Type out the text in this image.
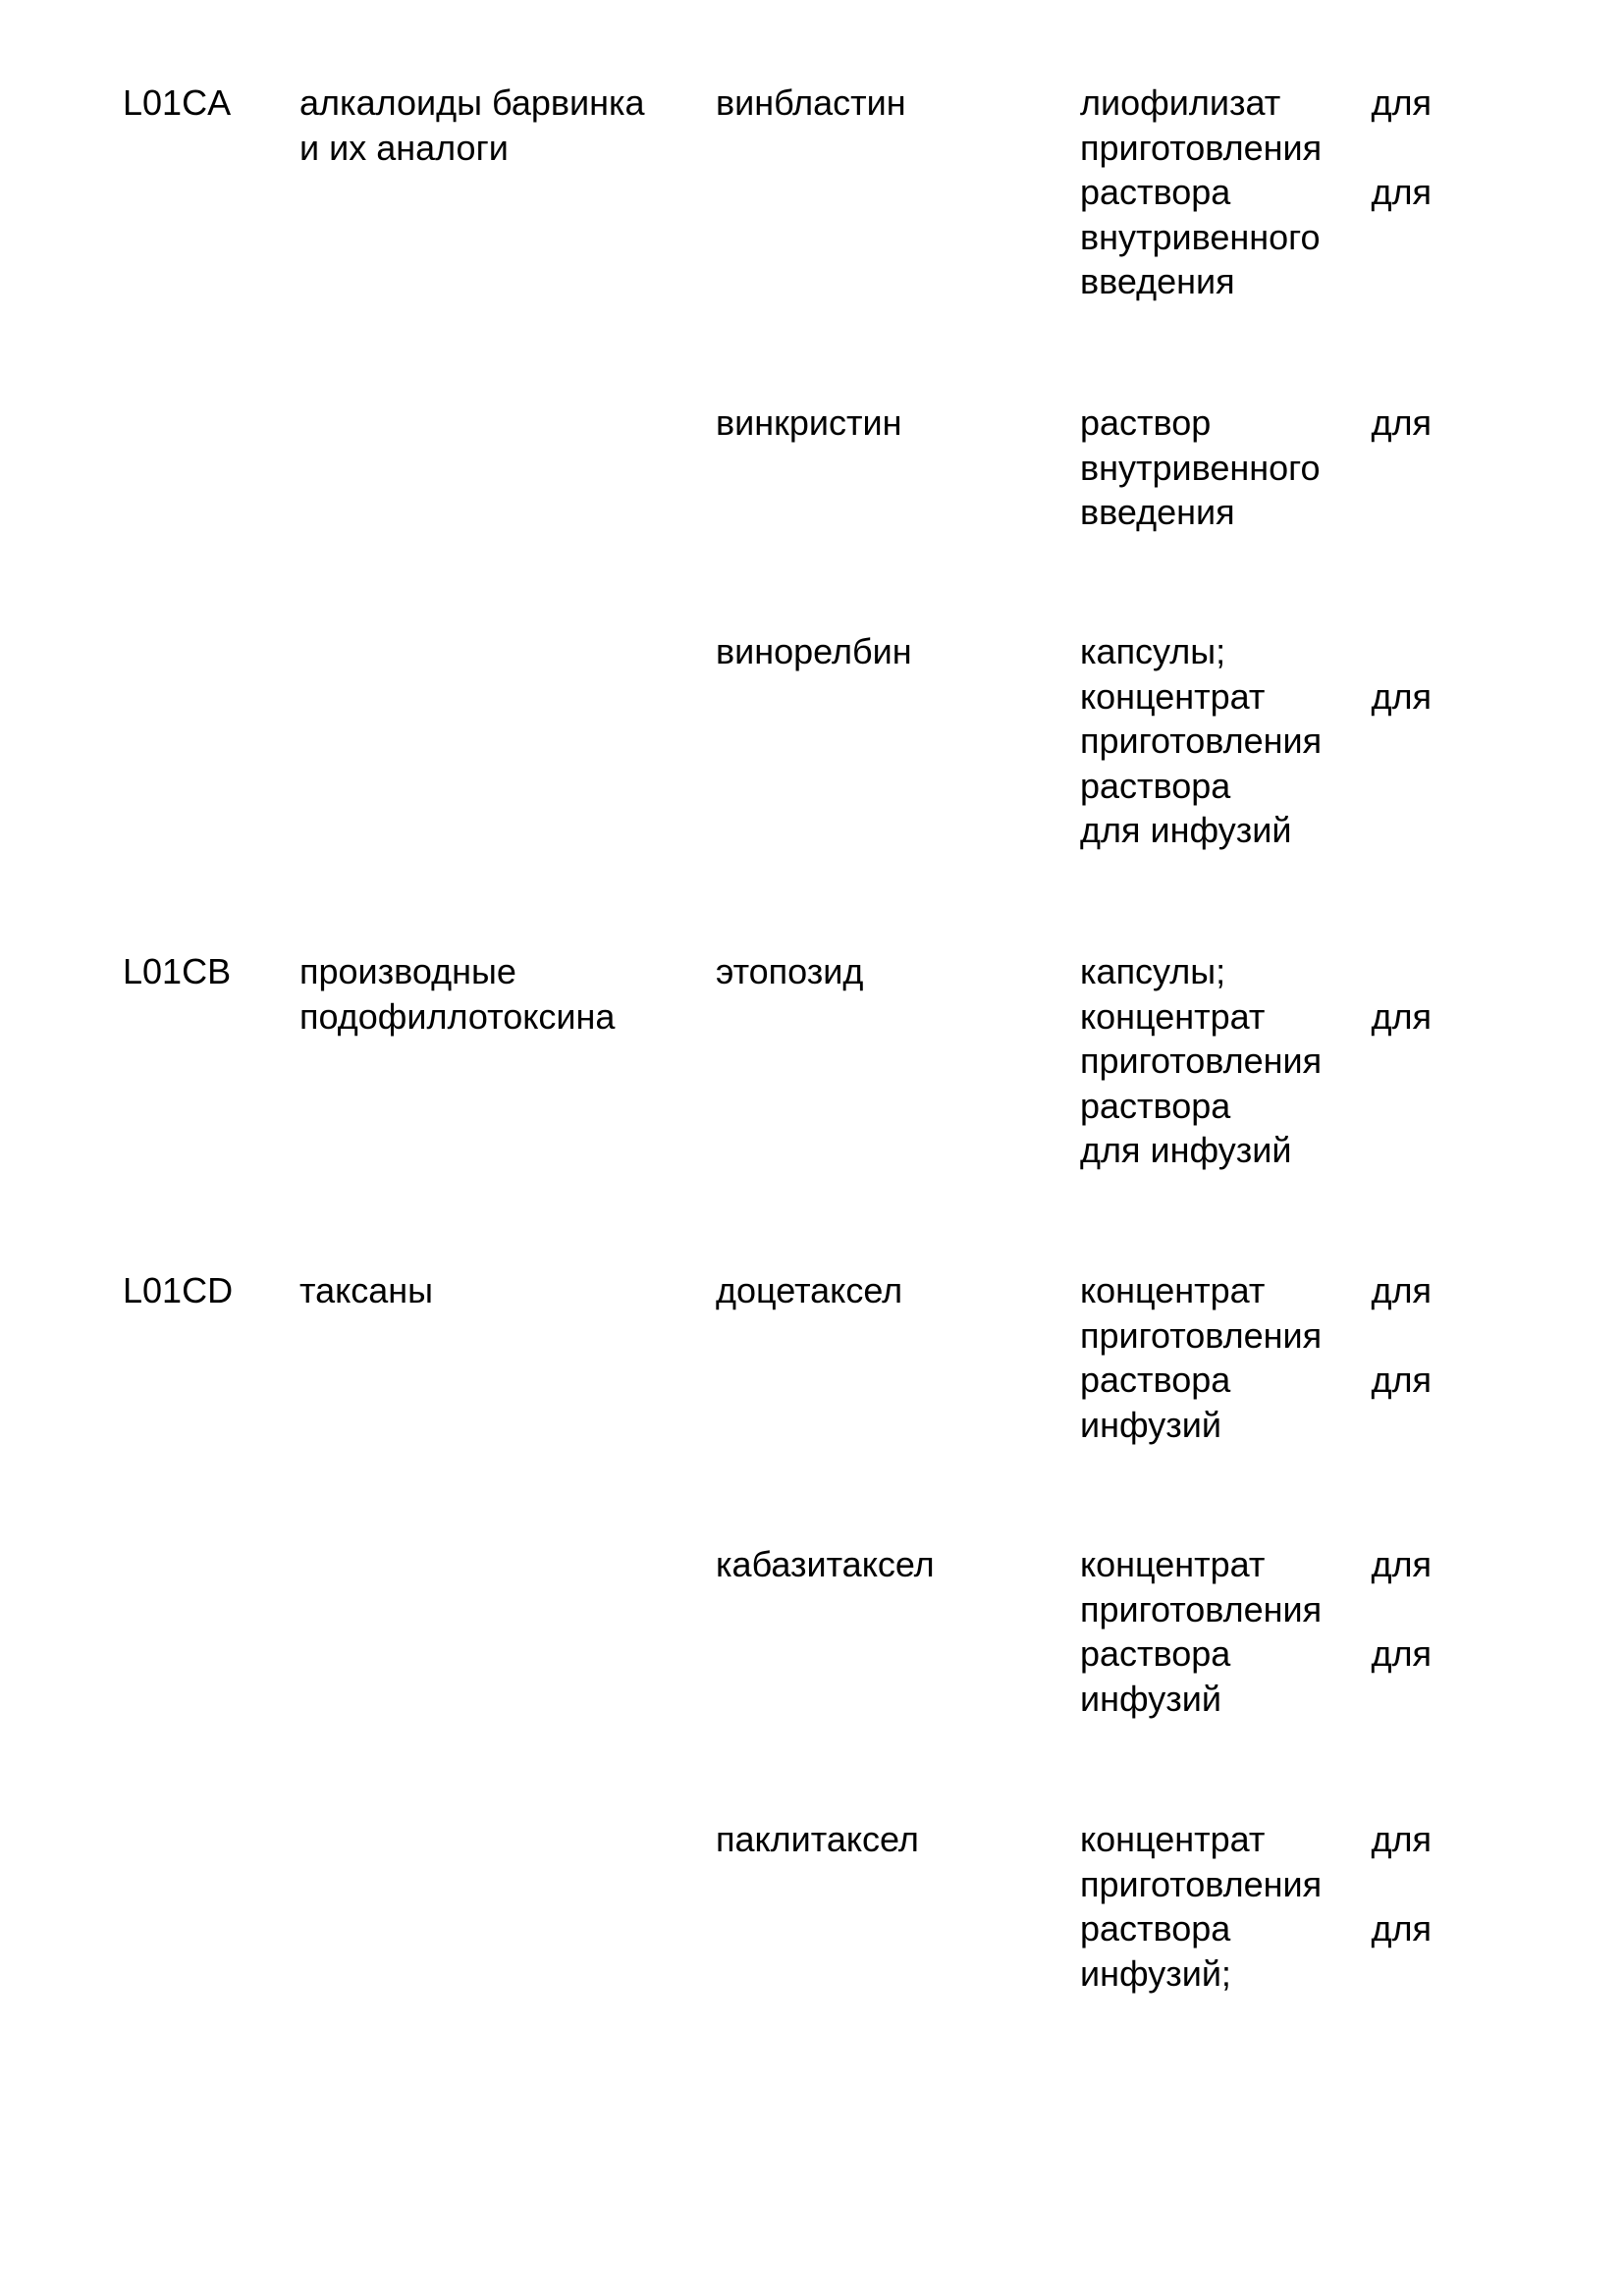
L01CA алкалоиды барвинка
и их аналоги
винбластин	лиофилизат	для
приготовления
раствора	для
внутривенного
введения
винкристин	раствор	для
внутривенного
введения
винорелбин	капсулы;
концентрат	для
приготовления
раствора
для инфузий
L01CB производные
подофиллотоксина
этопозид	капсулы;
концентрат	для
приготовления
раствора
для инфузий
L01CD таксаны	доцетаксел	концентрат	для
приготовления
раствора	для
инфузий
кабазитаксел	концентрат	для
приготовления
раствора	для
инфузий
паклитаксел	концентрат	для
приготовления
раствора	для
инфузий;
